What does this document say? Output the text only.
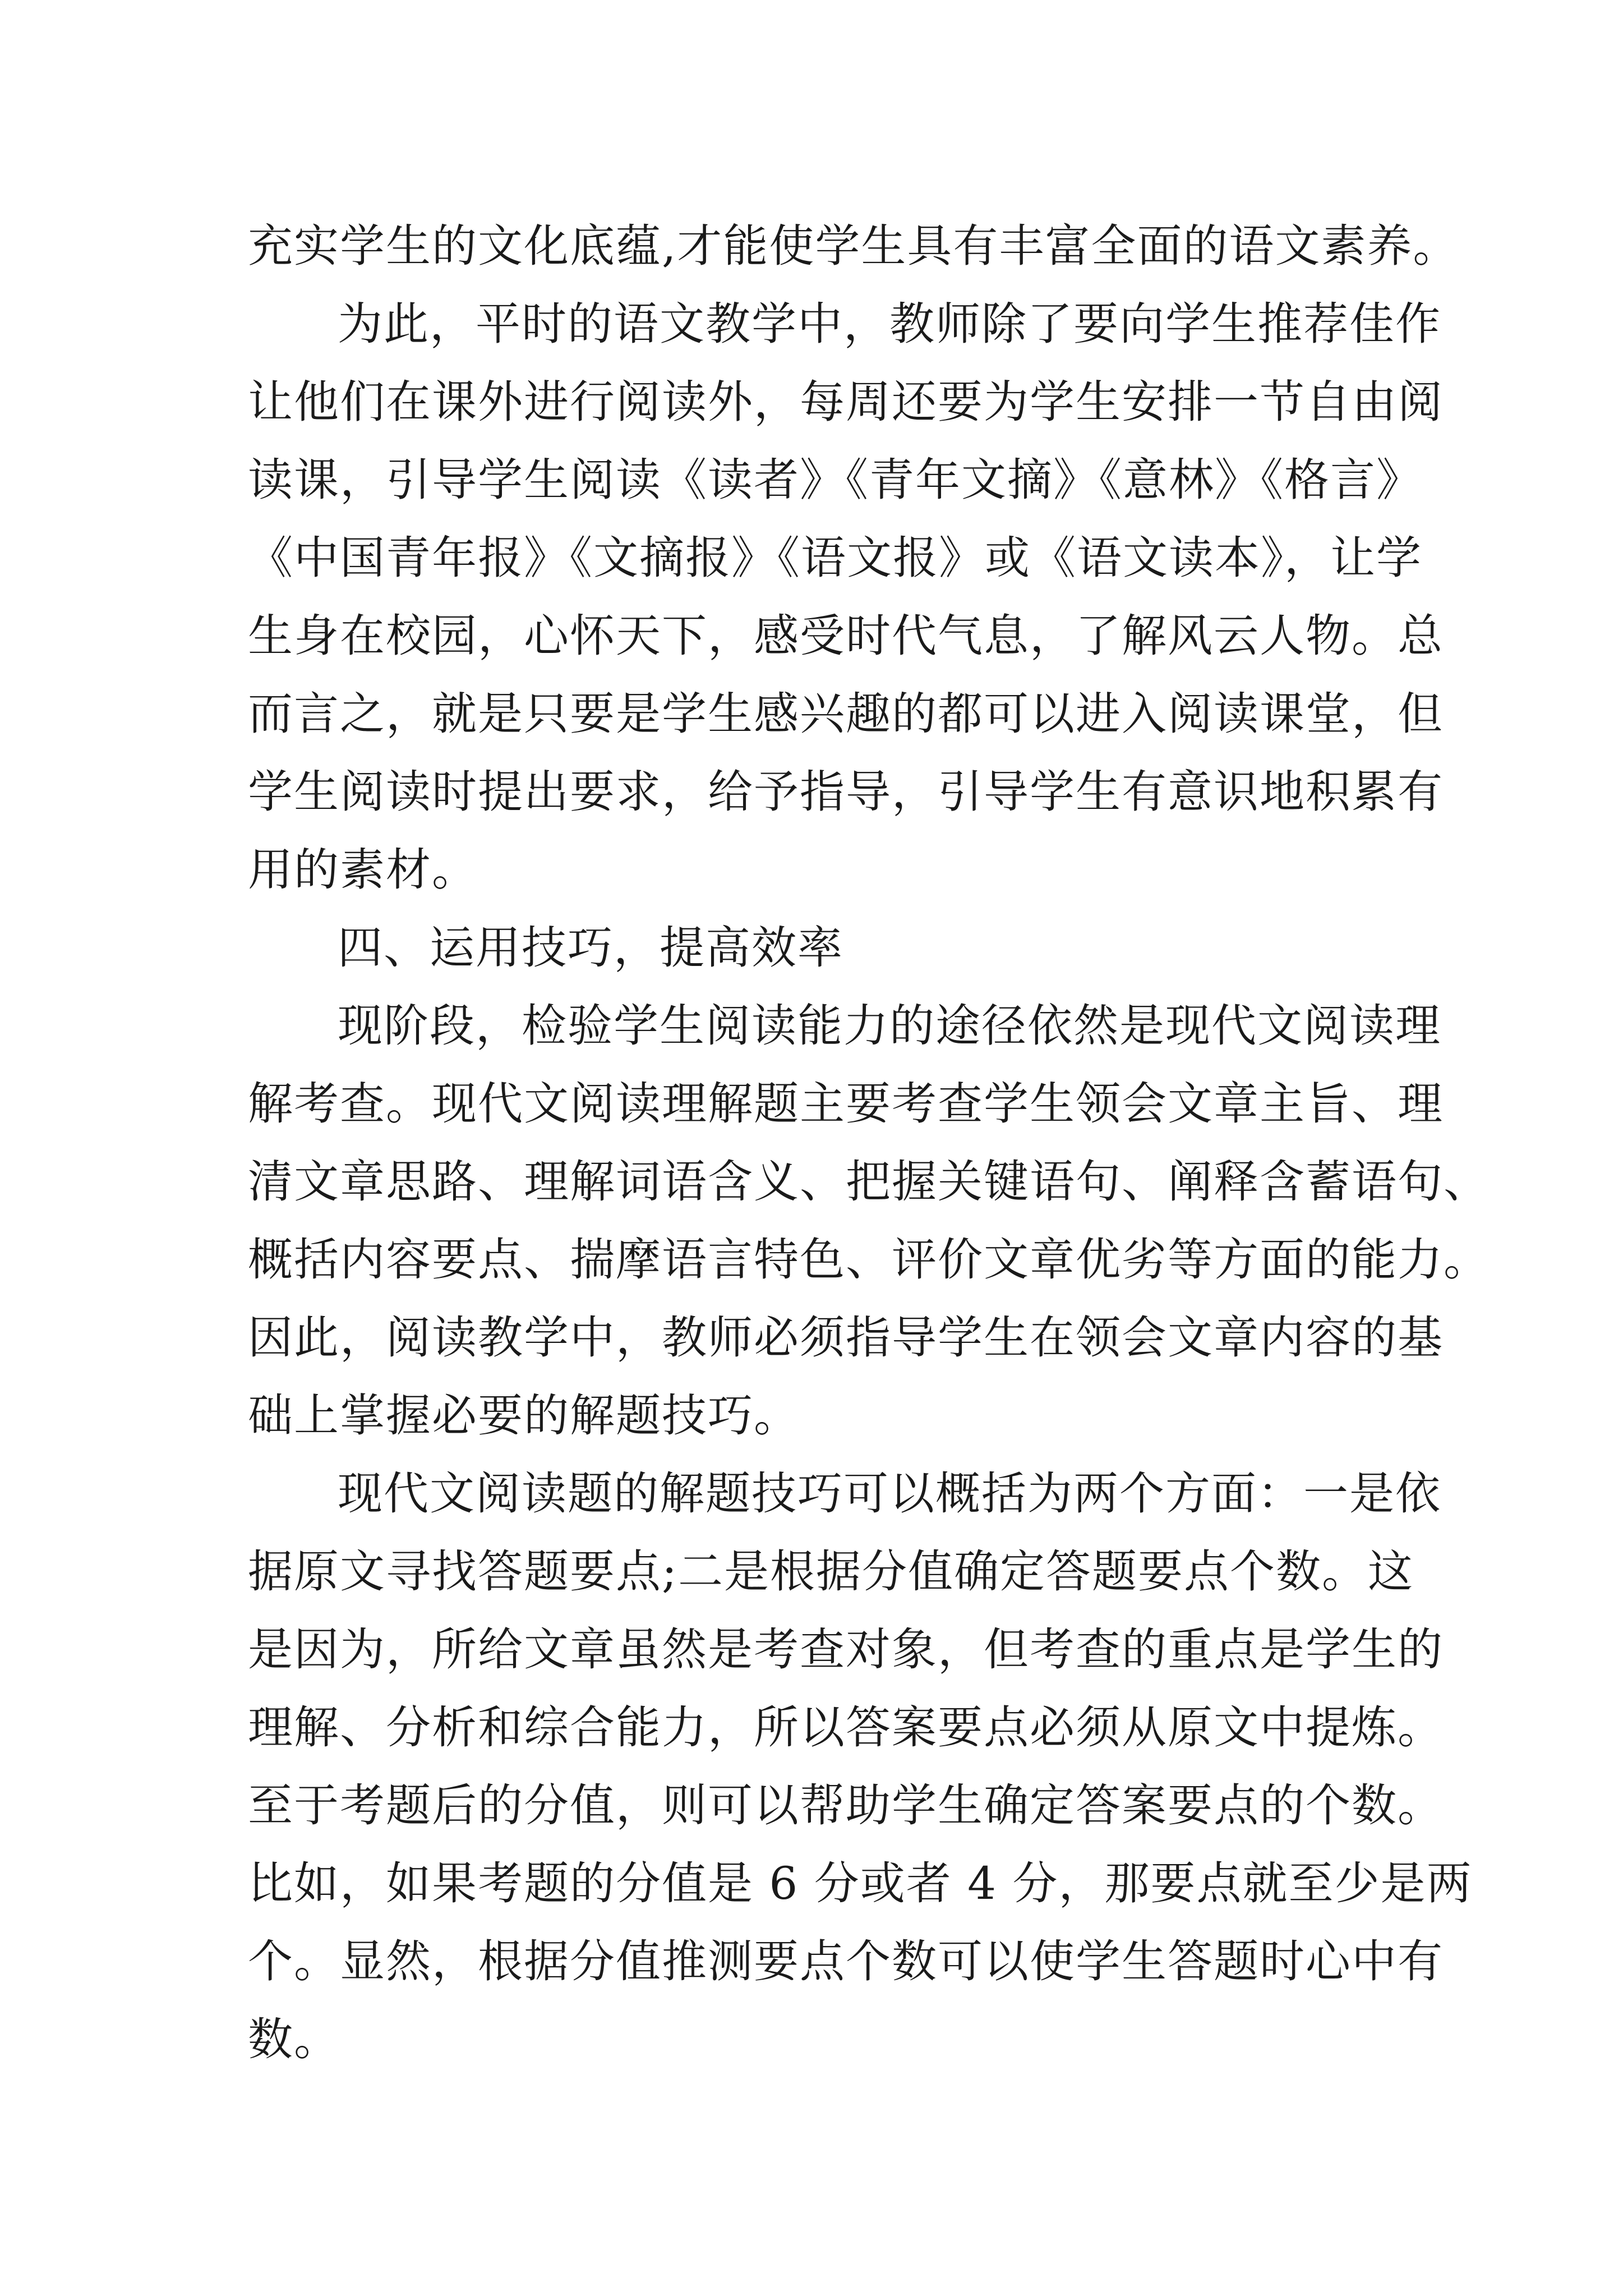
充实学生的文化底蕴,才能使学生具有丰富全面的语文素养。
为此，平时的语文教学中，教师除了要向学生推荐佳作
让他们在课外进行阅读外，每周还要为学生安排一节自由阅
读课，引导学生阅读《读者》《青年文摘》《意林》《格言》
《中国青年报》《文摘报》《语文报》或《语文读本》，让学
生身在校园，心怀天下，感受时代气息，了解风云人物。总
而言之，就是只要是学生感兴趣的都可以进入阅读课堂，但
学生阅读时提出要求，给予指导，引导学生有意识地积累有
用的素材。
四、运用技巧，提高效率
现阶段，检验学生阅读能力的途径依然是现代文阅读理
解考查。现代文阅读理解题主要考查学生领会文章主旨、理
清文章思路、理解词语含义、把握关键语句、阐释含蓄语句、
概括内容要点、揣摩语言特色、评价文章优劣等方面的能力。
因此，阅读教学中，教师必须指导学生在领会文章内容的基
础上掌握必要的解题技巧。
现代文阅读题的解题技巧可以概括为两个方面：一是依
据原文寻找答题要点;二是根据分值确定答题要点个数。这
是因为，所给文章虽然是考查对象，但考查的重点是学生的
理解、分析和综合能力，所以答案要点必须从原文中提炼。
至于考题后的分值，则可以帮助学生确定答案要点的个数。
比如，如果考题的分值是 6 分或者 4 分，那要点就至少是两
个。显然，根据分值推测要点个数可以使学生答题时心中有
数。
